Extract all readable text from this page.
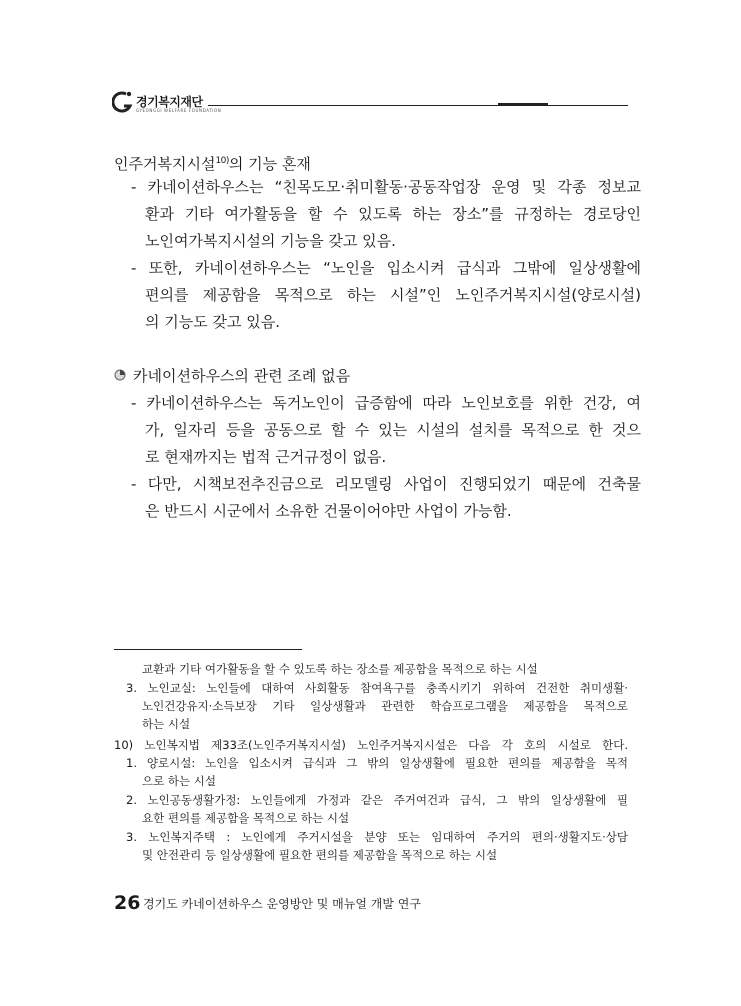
경기복지재단
GYEONGGI WELFARE FOUNDATION
인주거복지시설$^{10)}$의 기능 혼재
- 카네이션하우스는 “친목도모·취미활동·공동작업장 운영 및 각종 정보교
환과 기타 여가활동을 할 수 있도록 하는 장소”를 규정하는 경로당인
노인여가복지시설의 기능을 갖고 있음.
- 또한, 카네이션하우스는 “노인을 입소시켜 급식과 그밖에 일상생활에
편의를 제공함을 목적으로 하는 시설”인 노인주거복지시설(양로시설)
의 기능도 갖고 있음.
카네이션하우스의 관련 조례 없음
- 카네이션하우스는 독거노인이 급증함에 따라 노인보호를 위한 건강, 여
가, 일자리 등을 공동으로 할 수 있는 시설의 설치를 목적으로 한 것으
로 현재까지는 법적 근거규정이 없음.
- 다만, 시책보전추진금으로 리모델링 사업이 진행되었기 때문에 건축물
은 반드시 시군에서 소유한 건물이어야만 사업이 가능함.
교환과 기타 여가활동을 할 수 있도록 하는 장소를 제공함을 목적으로 하는 시설
3. 노인교실: 노인들에 대하여 사회활동 참여욕구를 충족시키기 위하여 건전한 취미생활·
노인건강유지·소득보장 기타 일상생활과 관련한 학습프로그램을 제공함을 목적으로
하는 시설
10) 노인복지법 제33조(노인주거복지시설) 노인주거복지시설은 다음 각 호의 시설로 한다.
1. 양로시설: 노인을 입소시켜 급식과 그 밖의 일상생활에 필요한 편의를 제공함을 목적
으로 하는 시설
2. 노인공동생활가정: 노인들에게 가정과 같은 주거여건과 급식, 그 밖의 일상생활에 필
요한 편의를 제공함을 목적으로 하는 시설
3. 노인복지주택 : 노인에게 주거시설을 분양 또는 임대하여 주거의 편의·생활지도·상담
및 안전관리 등 일상생활에 필요한 편의를 제공함을 목적으로 하는 시설
26 경기도 카네이션하우스 운영방안 및 매뉴얼 개발 연구
